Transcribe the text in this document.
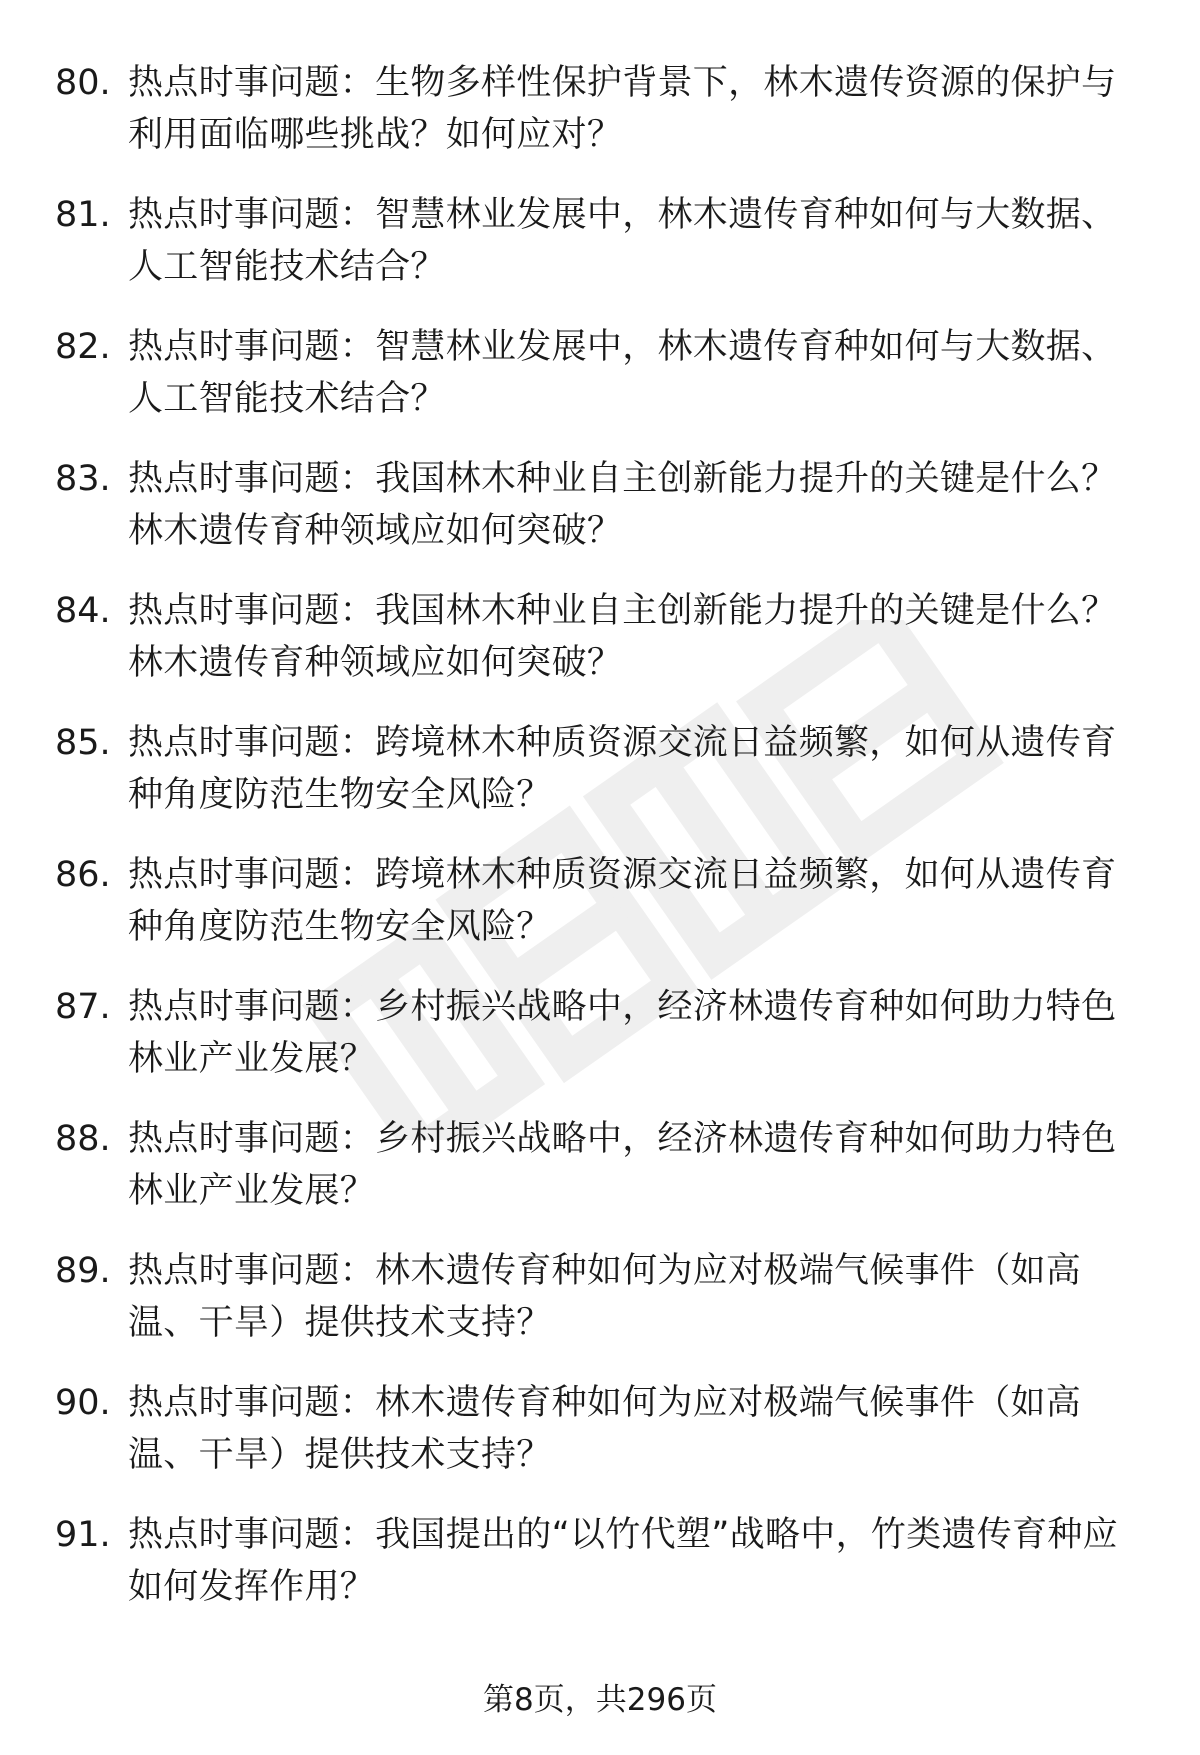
80. 热点时事问题：生物多样性保护背景下，林木遗传资源的保护与利用面临哪些挑战？如何应对？
81. 热点时事问题：智慧林业发展中，林木遗传育种如何与大数据、人工智能技术结合？
82. 热点时事问题：智慧林业发展中，林木遗传育种如何与大数据、人工智能技术结合？
83. 热点时事问题：我国林木种业自主创新能力提升的关键是什么？林木遗传育种领域应如何突破？
84. 热点时事问题：我国林木种业自主创新能力提升的关键是什么？林木遗传育种领域应如何突破？
85. 热点时事问题：跨境林木种质资源交流日益频繁，如何从遗传育种角度防范生物安全风险？
86. 热点时事问题：跨境林木种质资源交流日益频繁，如何从遗传育种角度防范生物安全风险？
87. 热点时事问题：乡村振兴战略中，经济林遗传育种如何助力特色林业产业发展？
88. 热点时事问题：乡村振兴战略中，经济林遗传育种如何助力特色林业产业发展？
89. 热点时事问题：林木遗传育种如何为应对极端气候事件（如高温、干旱）提供技术支持？
90. 热点时事问题：林木遗传育种如何为应对极端气候事件（如高温、干旱）提供技术支持？
91. 热点时事问题：我国提出的“以竹代塑”战略中，竹类遗传育种应如何发挥作用？
第8页，共296页
